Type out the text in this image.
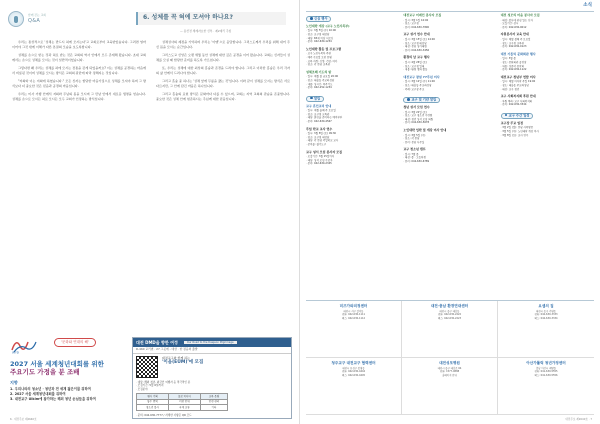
함께 걷는 교회
Q&A	6. 성체를 꼭 혀에 모셔야 하나요?
— 용산전 세례자요한 신부 · 제2대리 주임

우리는 통상적으로 '성체는 반드시 혀에 모시는다'고 교회로부터 교육받았습니다. 그러면 얼마 이어야 그것 밖에 이해가 다른 본질의 모습을 보도록합니다.

성체를 손으로 받는 것과 혀로 받는 것은 교회의 역사 안에서 모두 존재해 왔습니다. 초대 교회에서는 손으로 성체를 모시는 것이 일반적이었습니다.

그렇다면 왜 우리는 성체를 혀에 모시는 전통을 갖게 되었을까요? 이는 성체를 공경하는 마음에서 비롯된 것이며 성체를 모시는 방식은 교회의 판단에 따라 정해지는 것입니다.

"저희와 이는 저희에 하였습니다." 모든 신자는 합당한 마음가짐으로 성체를 모셔야 하며 그 방식보다 더 중요한 것은 믿음과 공경의 마음입니다.

우리는 미사 거행 안에서 저희와 주님의 몸을 모시며 그 만남 안에서 새로운 생명을 얻습니다. 성체를 손으로 모시든 혀로 모시든 모두 교회가 인정하는 방식입니다.

성체성사의 제정을 기억하며 우리는 '아멘'으로 응답합니다. 그리스도께서 우리를 위해 내어 주신 몸을 모시는 순간입니다.

그리스도교 신앙은 오랜 세월 동안 성체에 대한 깊은 공경을 이어 왔습니다. 교회는 신자들이 성체를 모실 때 합당한 준비를 하도록 가르칩니다.

또, 우리는 성체에 대한 최상의 흠숭과 존경을 드려야 합니다. 그리고 이러한 흠숭은 우리 각자의 삶 안에서 드러나야 합니다.

그리고 흠숭 중 하나는 '성체 앞에 무릎을 꿇는 것'입니다. 이와 같이 성체를 모시는 방식은 서로 다르지만, 그 안에 담긴 마음은 하나입니다.

그리고 흠숭의 표현 방식은 문화마다 다를 수 있으며, 교회는 지역 교회의 관습을 존중합니다. 중요한 것은 성체 안에 현존하시는 주님께 대한 믿음입니다.

WYD
'문화와 연대의 해'
2027 서울 세계청년대회를 위한
주요기도 가정을 분 조배
지향
1. 우리나라의 청소년 · 청년과 전 세계 젊은이를 위하여
2. 2027 서울 세계청년대회를 위하여
3. 대전교구 Ulkim에 참가하는 해외 청년 손님들을 위하여
대전 DMD을 향한 여정	Our Road to the Daejeon Pilgrimage
D-460 교리변 · 27 그곳에 - 대상 · 한 걸음의 출발
대전교구와 함께 하는
'이음(EUM)'에 모집
· 대상: 해외 청년, 외국인 여행자 등 적극적인 분
· 모집기간: 5월 6일까지
· 모집분야
행사 기획	홍보 미디어	교육 운영
통수 번역	의전 안내	안전 관리
청소년 봉사	국제 교류	기타
· 문의: 042-630-7777 / 자세한 사항은 QR 코드
6 · 대전주보 제2640호
소식
신심 행사
노인대학 개강 (교구 노인사목부)
· 일시: 3월 5일 (수) 10:00
· 장소: 교구청 대강당
· 대상: 65세 이상 어르신
· 문의: 042-630-1234
노인대학 활동 및 프로그램
· 교구 노인사목부 주관
· 매주 수요일 오전 운영
· 교육 과정: 신앙, 건강, 여가
· 장소: 각 본당 교육관
성체조배 기도의 밤
· 일시: 매월 첫 금요일 20:00
· 장소: 대흥동 주교좌성당
· 내용: 성시간, 묵주기도
· 문의: 042-252-1234
알림
교구 혼인교리 안내
· 일시: 매월 둘째 주 토요일
· 장소: 교구청 교육관
· 대상: 혼인을 준비하는 예비부부
· 문의: 042-630-4567
주일 학교 교사 연수
· 일시: 3월 8일 (토) 09:30
· 장소: 교구청 대강당
· 대상: 각 본당 주일학교 교사
· 준비물: 필기도구
교구 성서 모임 봉사자 모집
· 모집기간: 3월 15일까지
· 대상: 성서 모임 수료자
· 문의: 042-630-2345
대전교구 미래인 봉사자 모집
· 일시: 3월 1일 10:00
· 장소: 교구청
· 문의: 042-630-7890
교구 성가 연수 안내
· 일시: 3월 15일 (토) 14:00
· 장소: 교구청 대강당
· 대상: 본당 성가대원
· 문의: 042-630-3456
환경의 날 교구 행사
· 일시: 4월 26일 (토)
· 장소: 교구청 일대
· 내용: 환경 정화 활동
대전교구 창설 77주년 미사
· 일시: 3월 12일 (수) 11:00
· 장소: 대흥동 주교좌성당
· 주례: 교구장 주교
교구 및 기관 알림
청년 성서 모임 연수
· 일시: 3월 22일 (토)
· 장소: 교구 청소년 수련원
· 대상: 청년 성서 모임 회원
· 문의: 042-630-5678
노인대학 입학 및 개강 미사 안내
· 일시: 3월 5일 (수)
· 장소: 각 본당
· 문의: 본당 사무실
교구 청소년 캠프
· 일시: 7월 중
· 대상: 중 · 고등학생
· 문의: 042-630-6789
대전 성모의 마을 봉사자 모집
· 대상: 봉사에 관심 있는 신자
· 모집기간: 상시
· 문의: 042-630-9012
자원봉사자 교육 안내
· 일시: 매월 셋째 주 토요일
· 장소: 교구청 교육관
· 문의: 042-630-0123
대전 가톨릭 문화회관 행사
· 일시: 3월 중
· 장소: 문화회관 공연장
· 내용: 성음악 음악회
· 문의: 042-630-1122
대전교구 청년부 연합 미사
· 일시: 매월 마지막 주일 19:00
· 장소: 대흥동 주교좌성당
· 대상: 교구 청년
교구 사회복지회 후원 안내
· 후원 계좌: 교구 사회복지회
· 문의: 042-630-3344
교구 주간 일정
교구장 주교 일정
· 3월 2일 (일): 본당 사목방문
· 3월 5일 (수): 노인대학 개강 미사
· 3월 8일 (토): 교사 연수
미즈가와피정센터
대전시 서구 갈마동
전화: 042-630-1111
팩스: 042-630-1112
대전·충남 환경연대센터
대전시 중구 대흥동
전화: 042-630-2222
팩스: 042-630-2223
요셉의 집
대전시 동구 가양동
전화: 042-630-3333
팩스: 042-630-3334
청주교구 대전교구 협력센터
대전시 유성구 봉명동
전화: 042-630-4444
팩스: 042-630-4445
대전성모병원
대전시 중구 대흥로 64
전화: 1577-0888
홈페이지 안내
아산가톨릭 청년가정센터
충남 아산시 배방읍
전화: 041-630-5555
팩스: 041-630-5556
대전주보 제2640호 · 7
